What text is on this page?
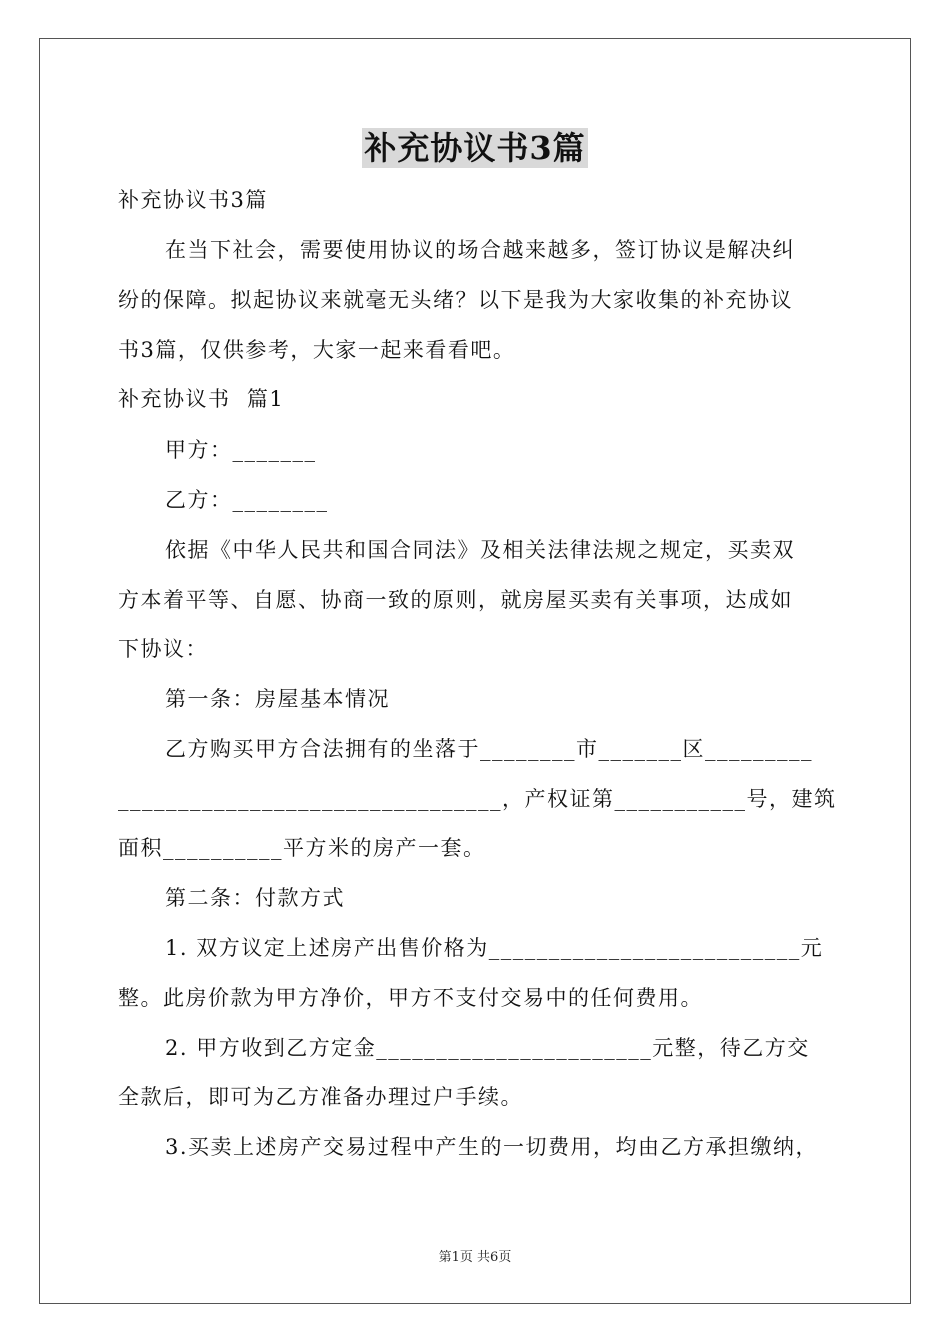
补充协议书3篇
补充协议书3篇
在当下社会，需要使用协议的场合越来越多，签订协议是解决纠
纷的保障。拟起协议来就毫无头绪？以下是我为大家收集的补充协议
书3篇，仅供参考，大家一起来看看吧。
补充协议书  篇1
甲方：_______
乙方：________
依据《中华人民共和国合同法》及相关法律法规之规定，买卖双
方本着平等、自愿、协商一致的原则，就房屋买卖有关事项，达成如
下协议：
第一条：房屋基本情况
乙方购买甲方合法拥有的坐落于________市_______区_________
________________________________，产权证第___________号，建筑
面积__________平方米的房产一套。
第二条：付款方式
1. 双方议定上述房产出售价格为__________________________元
整。此房价款为甲方净价，甲方不支付交易中的任何费用。
2. 甲方收到乙方定金_______________________元整，待乙方交
全款后，即可为乙方准备办理过户手续。
3.买卖上述房产交易过程中产生的一切费用，均由乙方承担缴纳，
第1页 共6页
